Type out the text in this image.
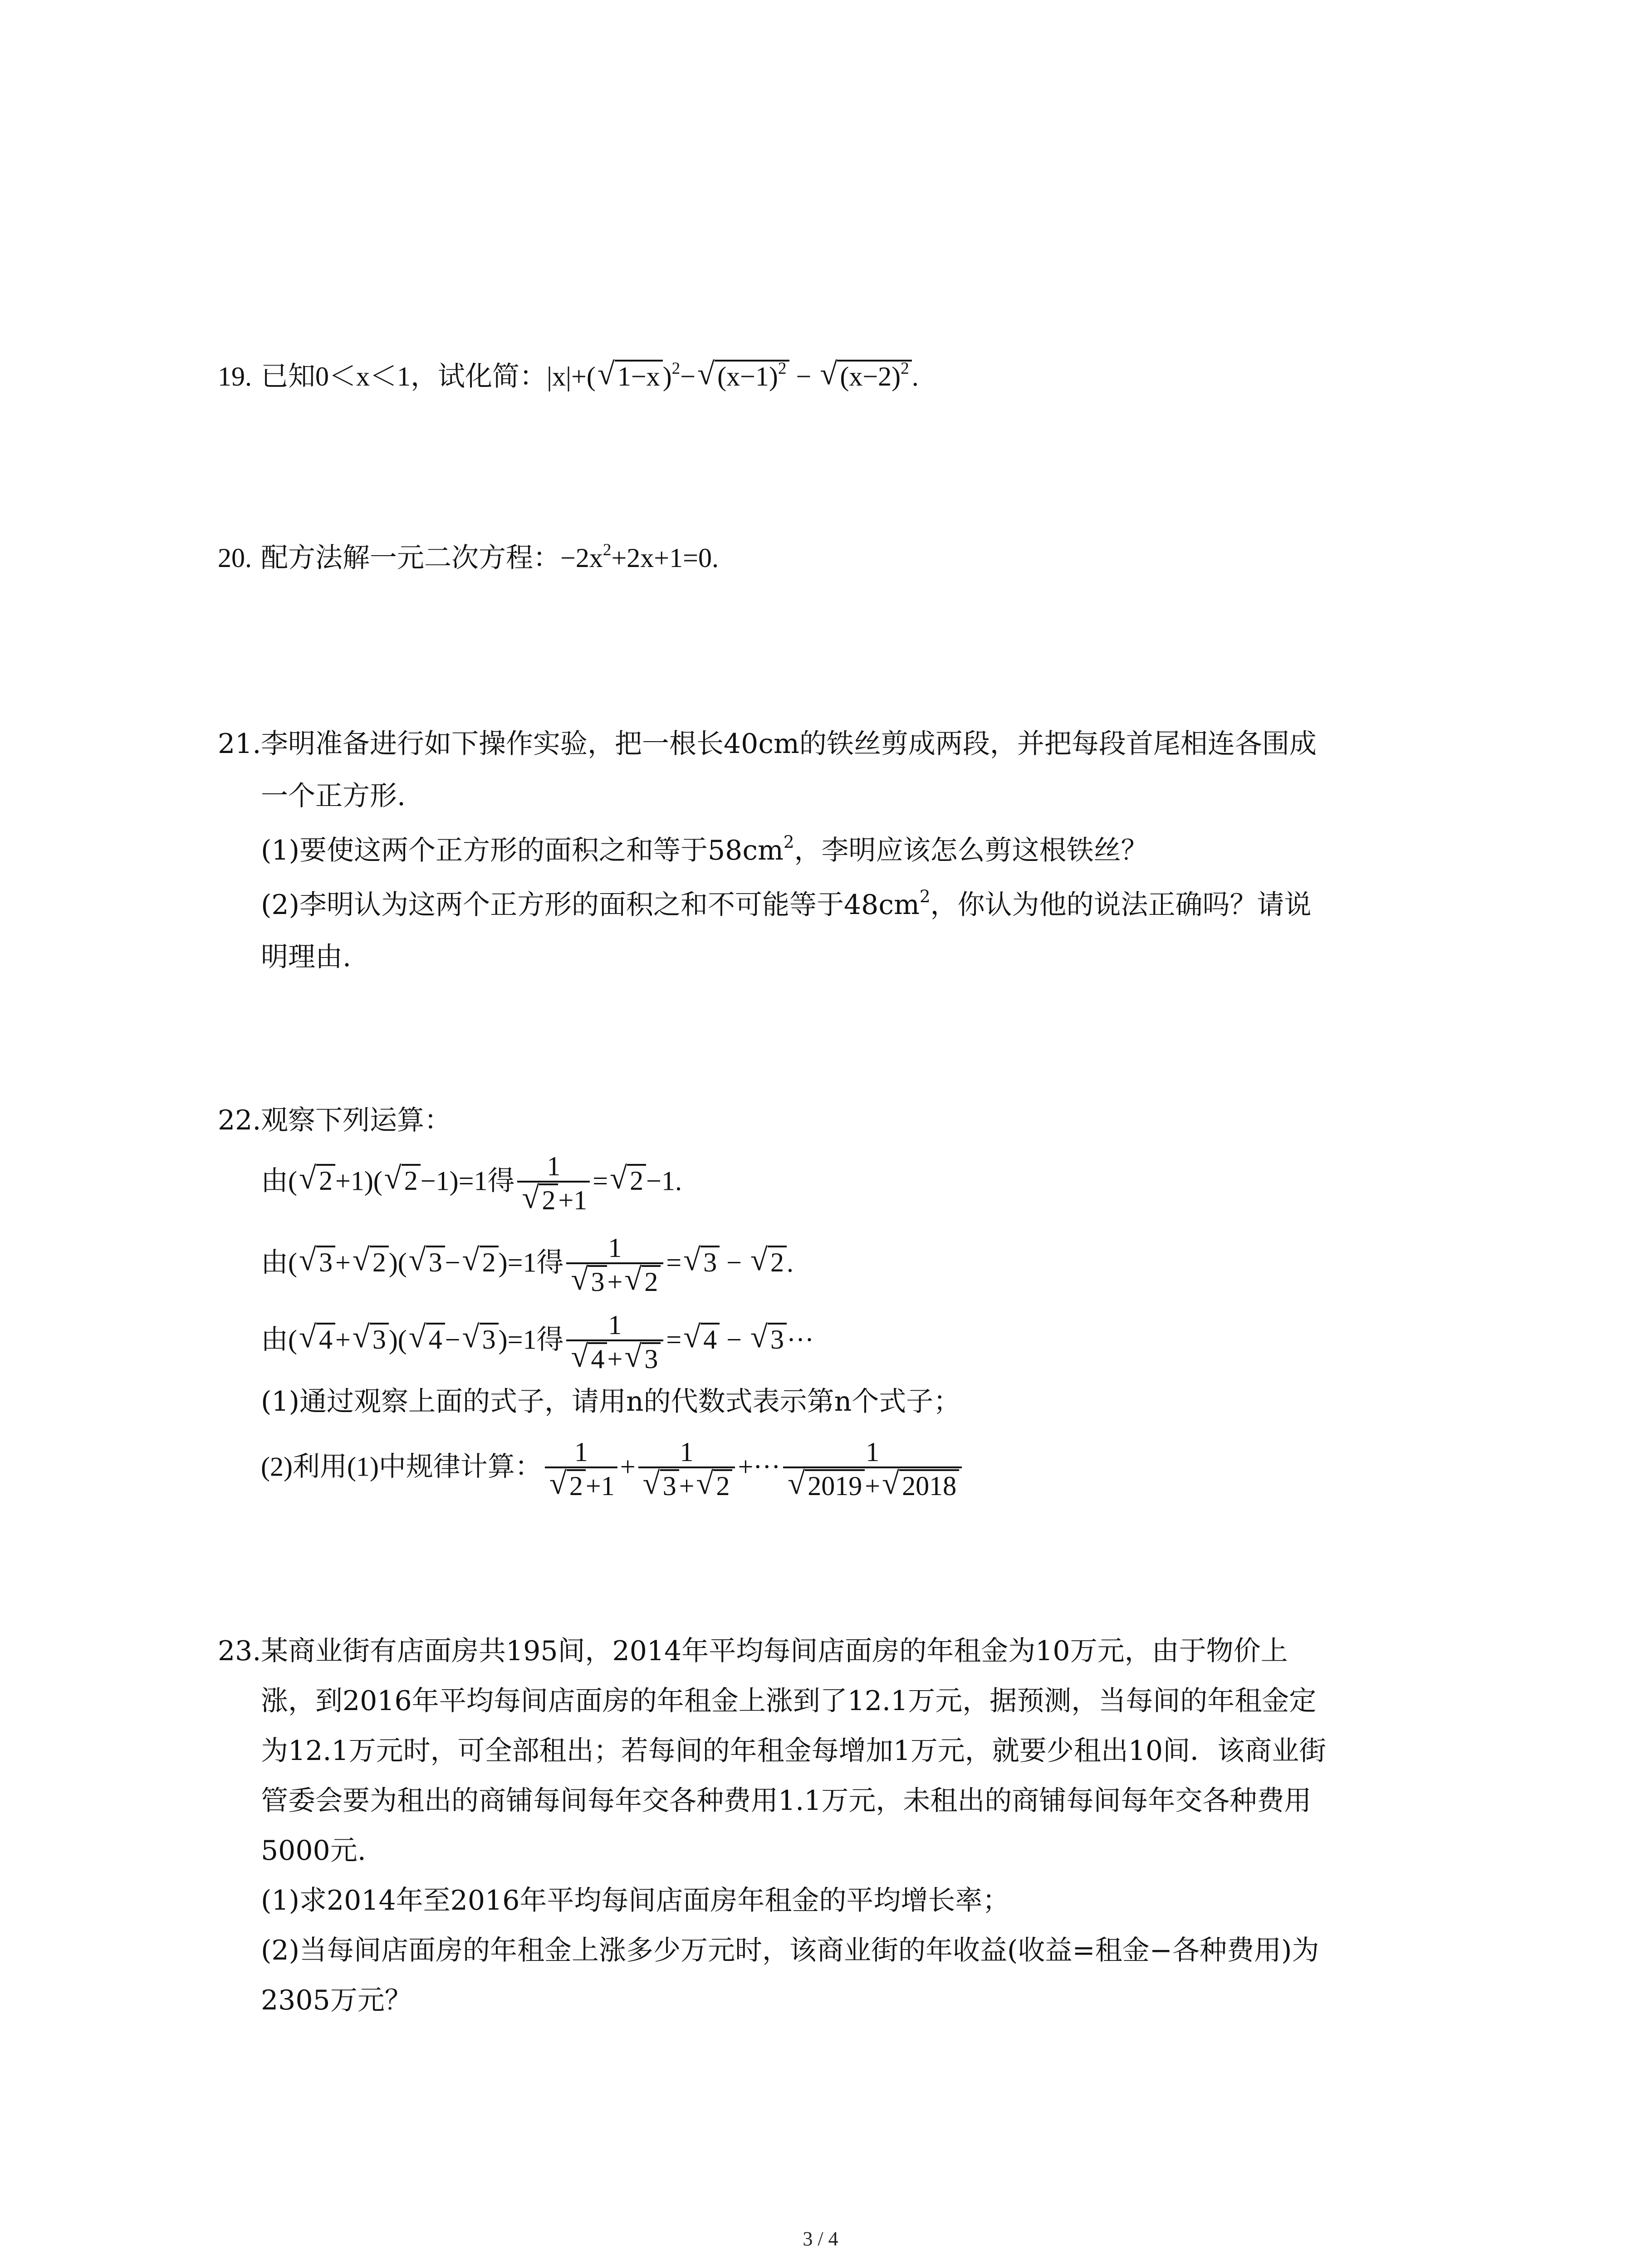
19. 已知0＜x＜1，试化简：|x|+( √ 1−x )$^2$− √ $(x-1)^2$ − √ $(x-2)^2$ .
20. 配方法解一元二次方程：$-2x^2+2x+1=0$.
21.李明准备进行如下操作实验，把一根长40cm的铁丝剪成两段，并把每段首尾相连各围成
一个正方形.
(1)要使这两个正方形的面积之和等于$58cm^2$，李明应该怎么剪这根铁丝？
(2)李明认为这两个正方形的面积之和不可能等于$48cm^2$，你认为他的说法正确吗？请说
明理由.
22.观察下列运算：
由( √ 2 +1)( √ 2 −1)=1得 $\frac{1}{√ 2 +1}$ = √ 2 −1.
由( √ 3 + √ 2 )( √ 3 − √ 2 )=1得 $\frac{1}{√ 3 + √ 2}$ = √ 3 − √ 2 .
由( √ 4 + √ 3 )( √ 4 − √ 3 )=1得 $\frac{1}{√ 4 + √ 3}$ = √ 4 − √ 3 ···
(1)通过观察上面的式子，请用n的代数式表示第n个式子；
(2)利用(1)中规律计算： $\frac{1}{√ 2 +1} + \frac{1}{√ 3 + √ 2}$ +··· $\frac{1}{√ 2019 + √ 2018}$
23.某商业街有店面房共195间，2014年平均每间店面房的年租金为10万元，由于物价上
涨，到2016年平均每间店面房的年租金上涨到了12.1万元，据预测，当每间的年租金定
为12.1万元时，可全部租出；若每间的年租金每增加1万元，就要少租出10间．该商业街
管委会要为租出的商铺每间每年交各种费用1.1万元，未租出的商铺每间每年交各种费用
5000元.
(1)求2014年至2016年平均每间店面房年租金的平均增长率；
(2)当每间店面房的年租金上涨多少万元时，该商业街的年收益(收益=租金−各种费用)为
2305万元？
3 / 4
